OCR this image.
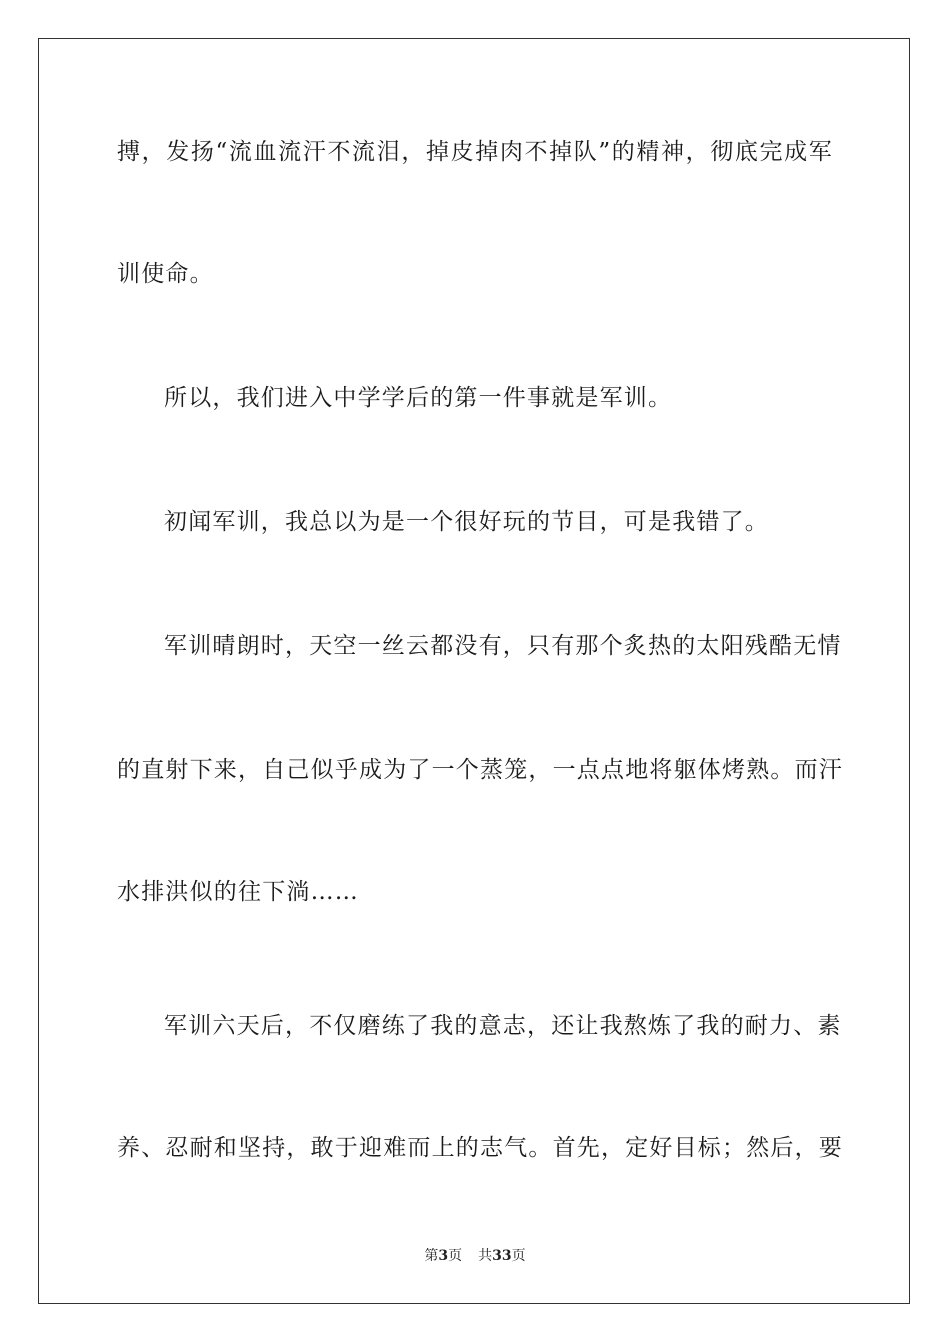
搏，发扬“流血流汗不流泪，掉皮掉肉不掉队”的精神，彻底完成军
训使命。
所以，我们进入中学学后的第一件事就是军训。
初闻军训，我总以为是一个很好玩的节目，可是我错了。
军训晴朗时，天空一丝云都没有，只有那个炙热的太阳残酷无情
的直射下来，自己似乎成为了一个蒸笼，一点点地将躯体烤熟。而汗
水排洪似的往下淌……
军训六天后，不仅磨练了我的意志，还让我熬炼了我的耐力、素
养、忍耐和坚持，敢于迎难而上的志气。首先，定好目标；然后，要
第3页 共33页
